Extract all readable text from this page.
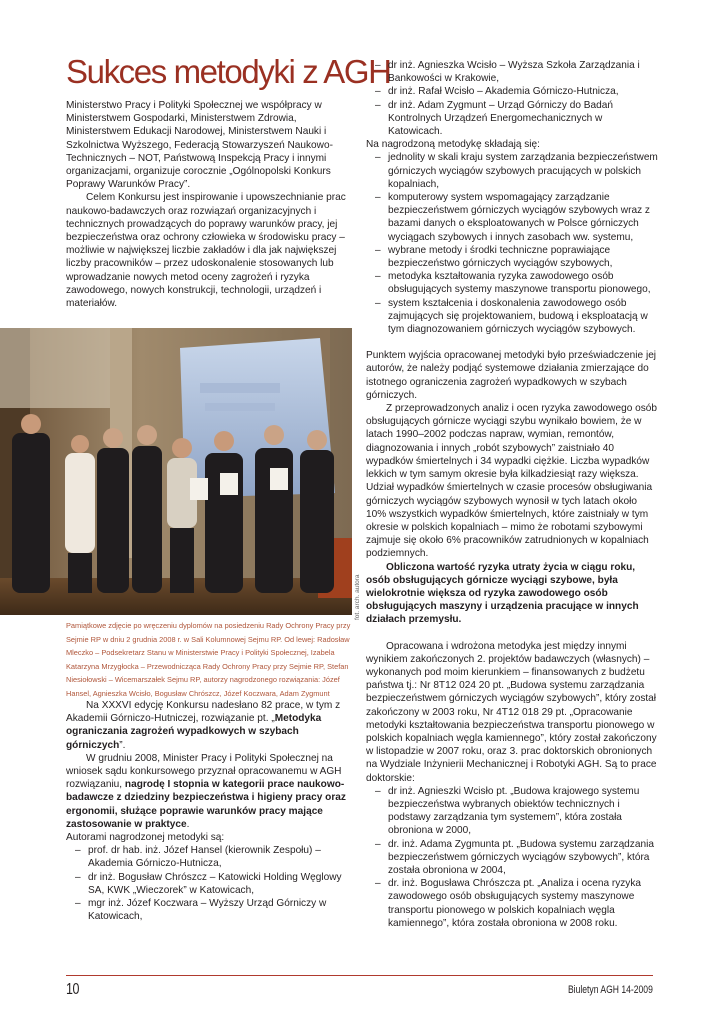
Sukces metodyki z AGH

Ministerstwo Pracy i Polityki Społecznej we współpracy w Ministerstwem Gospodarki, Ministerstwem Zdrowia, Ministerstwem Edukacji Narodowej, Ministerstwem Nauki i Szkolnictwa Wyższego, Federacją Stowarzyszeń Naukowo-Technicznych – NOT, Państwową Inspekcją Pracy i innymi organizacjami, organizuje corocznie „Ogólnopolski Konkurs Poprawy Warunków Pracy”.

Celem Konkursu jest inspirowanie i upowszechnianie prac naukowo-badawczych oraz rozwiązań organizacyjnych i technicznych prowadzących do poprawy warunków pracy, jej bezpieczeństwa oraz ochrony człowieka w środowisku pracy – możliwie w największej liczbie zakładów i dla jak największej liczby pracowników – przez udoskonalenie stosowanych lub wprowadzanie nowych metod oceny zagrożeń i ryzyka zawodowego, nowych konstrukcji, technologii, urządzeń i materiałów.

fot. arch. autora

Pamiątkowe zdjęcie po wręczeniu dyplomów na posiedzeniu Rady Ochrony Pracy przy Sejmie RP w dniu 2 grudnia 2008 r. w Sali Kolumnowej Sejmu RP. Od lewej: Radosław Mleczko – Podsekretarz Stanu w Ministerstwie Pracy i Polityki Społecznej, Izabela Katarzyna Mrzygłocka – Przewodnicząca Rady Ochrony Pracy przy Sejmie RP, Stefan Niesiołowski – Wicemarszałek Sejmu RP, autorzy nagrodzonego rozwiązania: Józef Hansel, Agnieszka Wcisło, Bogusław Chrószcz, Józef Koczwara, Adam Zygmunt

Na XXXVI edycję Konkursu nadesłano 82 prace, w tym z Akademii Górniczo-Hutniczej, rozwiązanie pt. „Metodyka ograniczania zagrożeń wypadkowych w szybach górniczych”.

W grudniu 2008, Minister Pracy i Polityki Społecznej na wniosek sądu konkursowego przyznał opracowanemu w AGH rozwiązaniu, nagrodę I stopnia w kategorii prace naukowo-badawcze z dziedziny bezpieczeństwa i higieny pracy oraz ergonomii, służące poprawie warunków pracy mające zastosowanie w praktyce.

Autorami nagrodzonej metodyki są:

– prof. dr hab. inż. Józef Hansel (kierownik Zespołu) – Akademia Górniczo-Hutnicza,
– dr inż. Bogusław Chrószcz – Katowicki Holding Węglowy SA, KWK „Wieczorek” w Katowicach,
– mgr inż. Józef Koczwara – Wyższy Urząd Górniczy w Katowicach,
– dr inż. Agnieszka Wcisło – Wyższa Szkoła Zarządzania i Bankowości w Krakowie,
– dr inż. Rafał Wcisło – Akademia Górniczo-Hutnicza,
– dr inż. Adam Zygmunt – Urząd Górniczy do Badań Kontrolnych Urządzeń Energomechanicznych w Katowicach.

Na nagrodzoną metodykę składają się:

– jednolity w skali kraju system zarządzania bezpieczeństwem górniczych wyciągów szybowych pracujących w polskich kopalniach,
– komputerowy system wspomagający zarządzanie bezpieczeństwem górniczych wyciągów szybowych wraz z bazami danych o eksploatowanych w Polsce górniczych wyciągach szybowych i innych zasobach ww. systemu,
– wybrane metody i środki techniczne poprawiające bezpieczeństwo górniczych wyciągów szybowych,
– metodyka kształtowania ryzyka zawodowego osób obsługujących systemy maszynowe transportu pionowego,
– system kształcenia i doskonalenia zawodowego osób zajmujących się projektowaniem, budową i eksploatacją w tym diagnozowaniem górniczych wyciągów szybowych.

Punktem wyjścia opracowanej metodyki było przeświadczenie jej autorów, że należy podjąć systemowe działania zmierzające do istotnego ograniczenia zagrożeń wypadkowych w szybach górniczych.

Z przeprowadzonych analiz i ocen ryzyka zawodowego osób obsługujących górnicze wyciągi szybu wynikało bowiem, że w latach 1990–2002 podczas napraw, wymian, remontów, diagnozowania i innych „robót szybowych” zaistniało 40 wypadków śmiertelnych i 34 wypadki ciężkie. Liczba wypadków lekkich w tym samym okresie była kilkadziesiąt razy większa. Udział wypadków śmiertelnych w czasie procesów obsługiwania górniczych wyciągów szybowych wynosił w tych latach około 10% wszystkich wypadków śmiertelnych, które zaistniały w tym okresie w polskich kopalniach – mimo że robotami szybowymi zajmuje się około 6% pracowników zatrudnionych w kopalniach podziemnych.

Obliczona wartość ryzyka utraty życia w ciągu roku, osób obsługujących górnicze wyciągi szybowe, była wielokrotnie większa od ryzyka zawodowego osób obsługujących maszyny i urządzenia pracujące w innych działach przemysłu.

Opracowana i wdrożona metodyka jest między innymi wynikiem zakończonych 2. projektów badawczych (własnych) – wykonanych pod moim kierunkiem – finansowanych z budżetu państwa tj.: Nr 8T12 024 20 pt. „Budowa systemu zarządzania bezpieczeństwem górniczych wyciągów szybowych”, który został zakończony w 2003 roku, Nr 4T12 018 29 pt. „Opracowanie metodyki kształtowania bezpieczeństwa transportu pionowego w polskich kopalniach węgla kamiennego”, który został zakończony w listopadzie w 2007 roku, oraz 3. prac doktorskich obronionych na Wydziale Inżynierii Mechanicznej i Robotyki AGH. Są to prace doktorskie:

– dr inż. Agnieszki Wcisło pt. „Budowa krajowego systemu bezpieczeństwa wybranych obiektów technicznych i podstawy zarządzania tym systemem”, która została obroniona w 2000,
– dr. inż. Adama Zygmunta pt. „Budowa systemu zarządzania bezpieczeństwem górniczych wyciągów szybowych”, która została obroniona w 2004,
– dr. inż. Bogusława Chrószcza pt. „Analiza i ocena ryzyka zawodowego osób obsługujących systemy maszynowe transportu pionowego w polskich kopalniach węgla kamiennego”, która została obroniona w 2008 roku.
10	Biuletyn AGH 14-2009
